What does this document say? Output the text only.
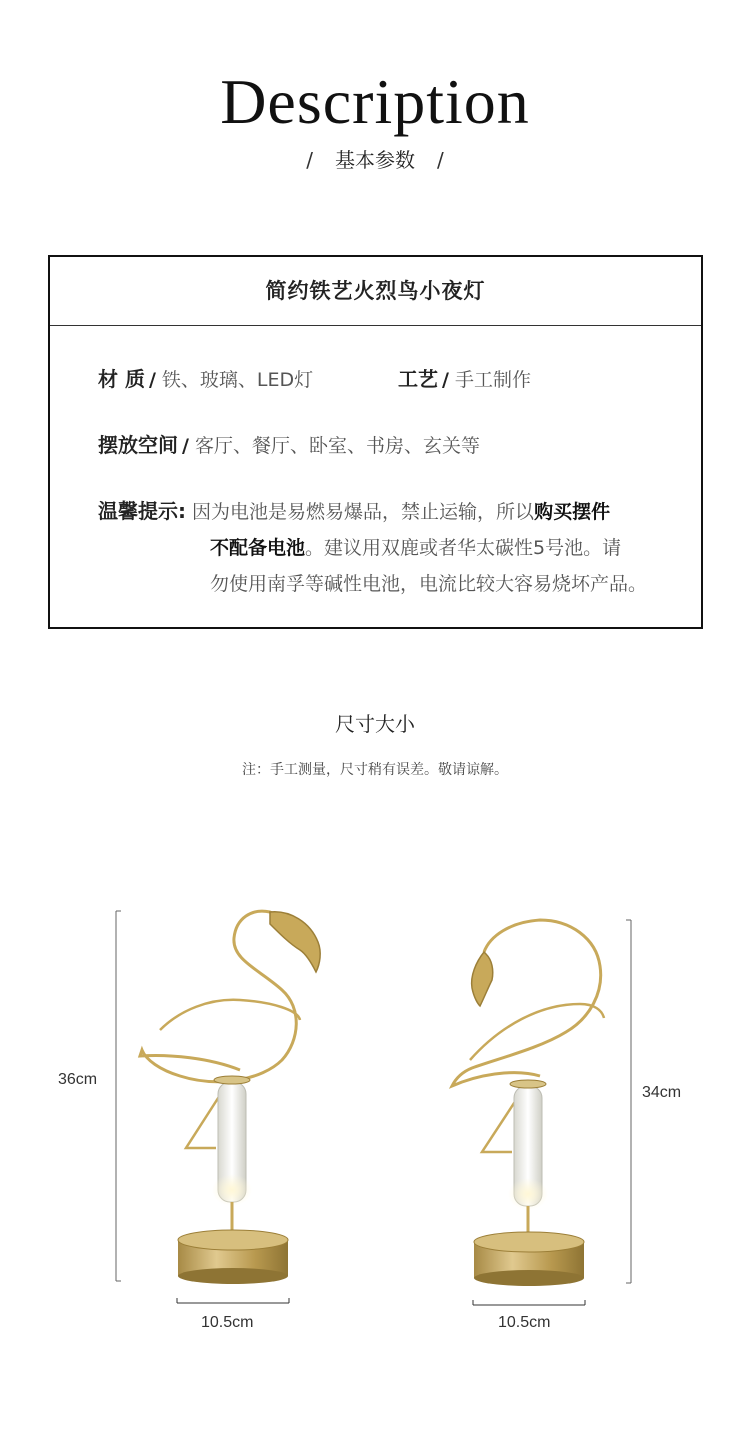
Description
/ 基本参数 /
简约铁艺火烈鸟小夜灯
材 质 / 铁、玻璃、LED灯	工艺 / 手工制作
摆放空间 / 客厅、餐厅、卧室、书房、玄关等
温馨提示: 因为电池是易燃易爆品，禁止运输，所以购买摆件
不配备电池。建议用双鹿或者华太碳性5号池。请
勿使用南孚等碱性电池，电流比较大容易烧坏产品。
尺寸大小
注：手工测量，尺寸稍有误差。敬请谅解。
36cm
10.5cm
34cm
10.5cm
